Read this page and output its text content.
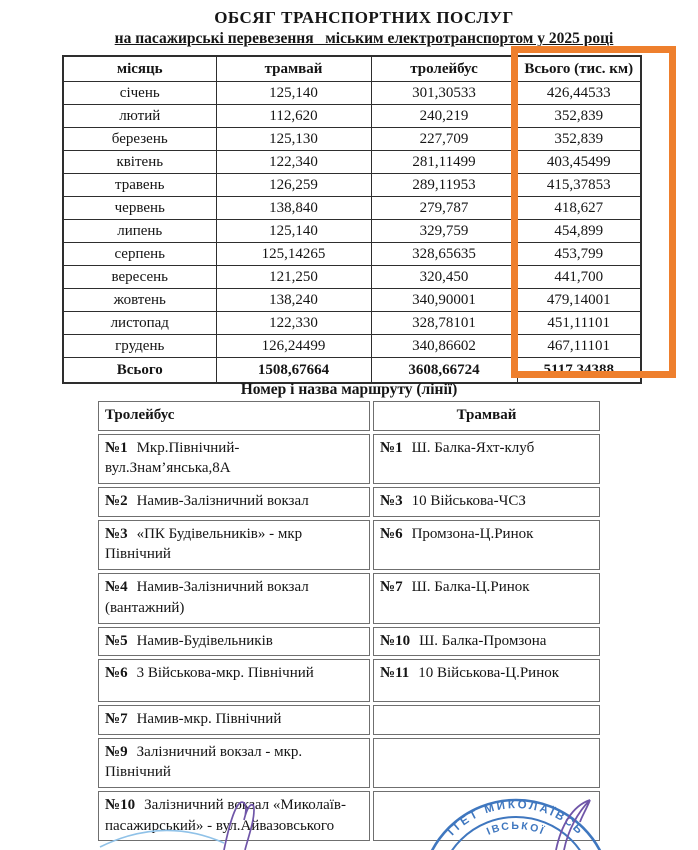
ОБСЯГ ТРАНСПОРТНИХ ПОСЛУГ
на пасажирські перевезення   міським електротранспортом у 2025 році
місяць	трамвай	тролейбус	Всього (тис. км)
січень	125,140	301,30533	426,44533
лютий	112,620	240,219	352,839
березень	125,130	227,709	352,839
квітень	122,340	281,11499	403,45499
травень	126,259	289,11953	415,37853
червень	138,840	279,787	418,627
липень	125,140	329,759	454,899
серпень	125,14265	328,65635	453,799
вересень	121,250	320,450	441,700
жовтень	138,240	340,90001	479,14001
листопад	122,330	328,78101	451,11101
грудень	126,24499	340,86602	467,11101
Всього	1508,67664	3608,66724	5117,34388
Номер і назва маршруту (лінії)
Тролейбус	Трамвай
№1 Мкр.Північний-вул.Знам’янська,8А	№1 Ш. Балка-Яхт-клуб
№2 Намив-Залізничний вокзал	№3 10 Військова-ЧСЗ
№3 «ПК Будівельників» - мкр Північний	№6 Промзона-Ц.Ринок
№4 Намив-Залізничний вокзал (вантажний)	№7 Ш. Балка-Ц.Ринок
№5 Намив-Будівельників	№10 Ш. Балка-Промзона
№6 3 Військова-мкр. Північний	№11 10 Військова-Ц.Ринок
№7 Намив-мкр. Північний	
№9 Залізничний вокзал - мкр. Північний	
№10 Залізничний вокзал «Миколаїв-пасажирський» - вул.Айвазовського		ІТЕТ МИКОЛАЇВСЬ
ІВСЬКОЇ
